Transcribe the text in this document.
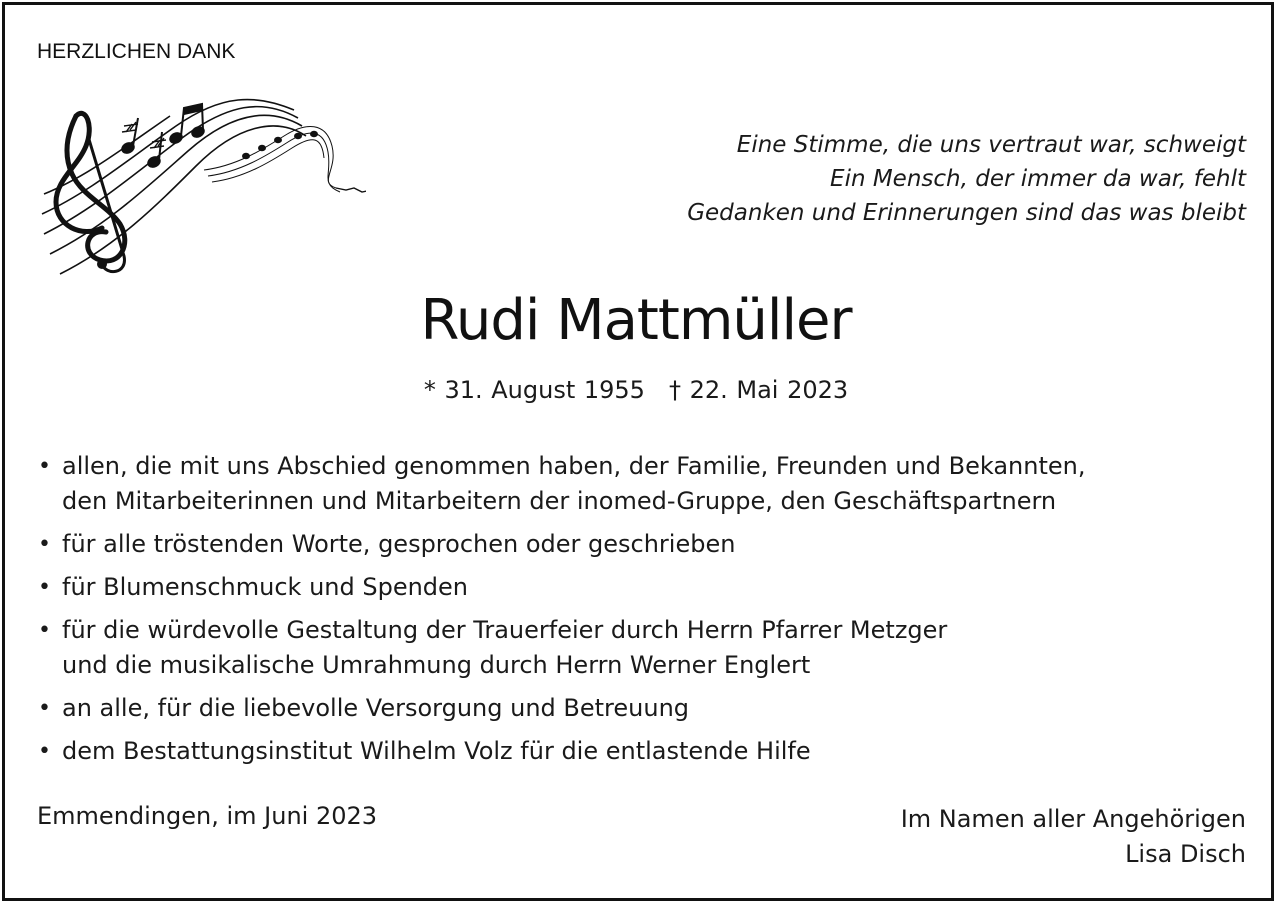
HERZLICHEN DANK
Eine Stimme, die uns vertraut war, schweigt
Ein Mensch, der immer da war, fehlt
Gedanken und Erinnerungen sind das was bleibt
Rudi Mattmüller
* 31. August 1955 † 22. Mai 2023
• allen, die mit uns Abschied genommen haben, der Familie, Freunden und Bekannten,
den Mitarbeiterinnen und Mitarbeitern der inomed-Gruppe, den Geschäftspartnern
• für alle tröstenden Worte, gesprochen oder geschrieben
• für Blumenschmuck und Spenden
• für die würdevolle Gestaltung der Trauerfeier durch Herrn Pfarrer Metzger
und die musikalische Umrahmung durch Herrn Werner Englert
• an alle, für die liebevolle Versorgung und Betreuung
• dem Bestattungsinstitut Wilhelm Volz für die entlastende Hilfe
Emmendingen, im Juni 2023	Im Namen aller Angehörigen
Lisa Disch
